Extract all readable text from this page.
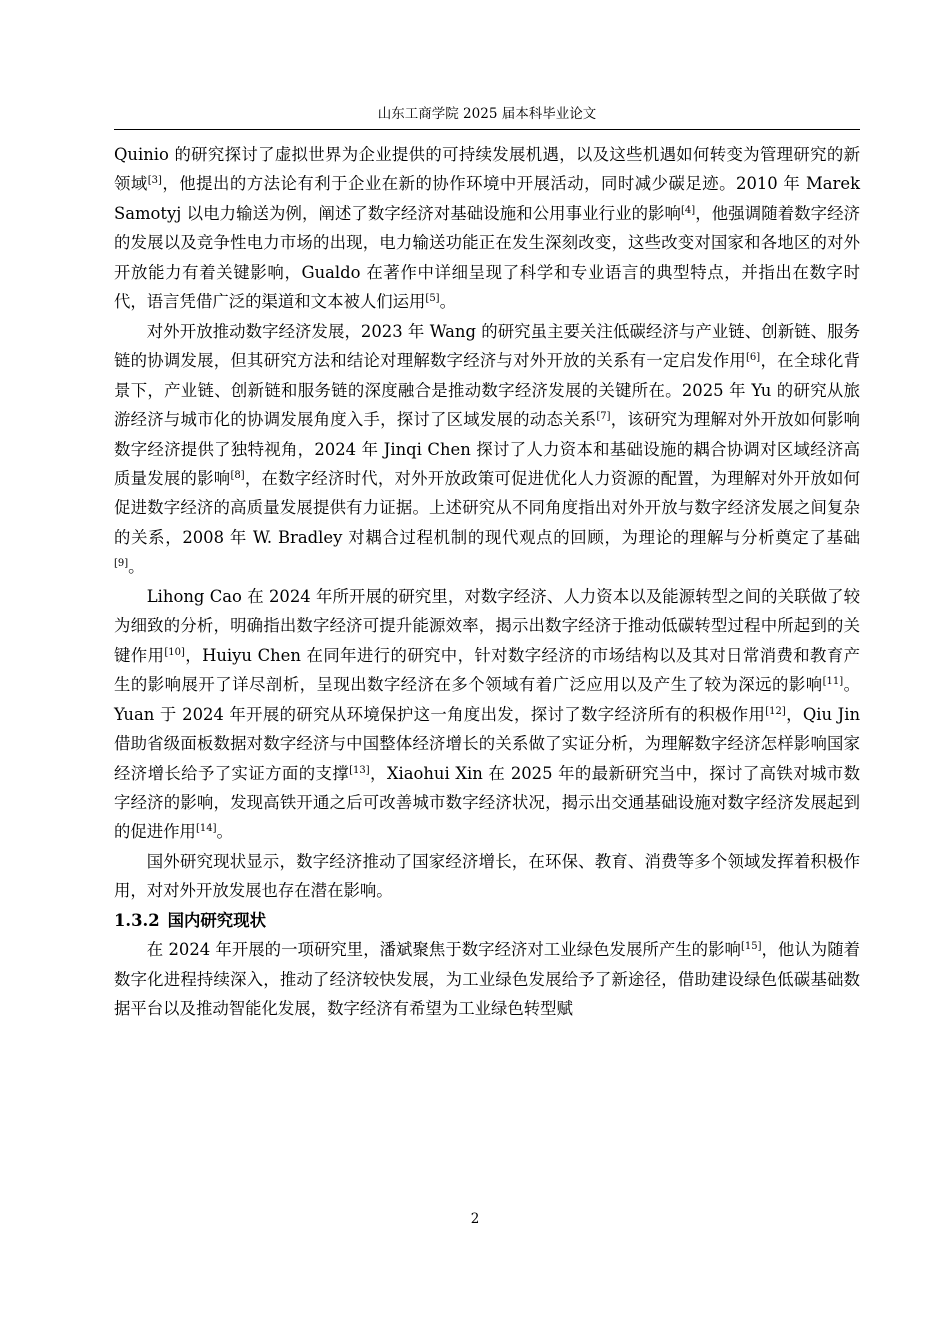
山东工商学院 2025 届本科毕业论文

Quinio 的研究探讨了虚拟世界为企业提供的可持续发展机遇，以及这些机遇如何转变为管理研究的新领域[3]，他提出的方法论有利于企业在新的协作环境中开展活动，同时减少碳足迹。2010 年 Marek Samotyj 以电力输送为例，阐述了数字经济对基础设施和公用事业行业的影响[4]，他强调随着数字经济的发展以及竞争性电力市场的出现，电力输送功能正在发生深刻改变，这些改变对国家和各地区的对外开放能力有着关键影响，Gualdo 在著作中详细呈现了科学和专业语言的典型特点，并指出在数字时代，语言凭借广泛的渠道和文本被人们运用[5]。

对外开放推动数字经济发展，2023 年 Wang 的研究虽主要关注低碳经济与产业链、创新链、服务链的协调发展，但其研究方法和结论对理解数字经济与对外开放的关系有一定启发作用[6]，在全球化背景下，产业链、创新链和服务链的深度融合是推动数字经济发展的关键所在。2025 年 Yu 的研究从旅游经济与城市化的协调发展角度入手，探讨了区域发展的动态关系[7]，该研究为理解对外开放如何影响数字经济提供了独特视角，2024 年 Jinqi Chen 探讨了人力资本和基础设施的耦合协调对区域经济高质量发展的影响[8]，在数字经济时代，对外开放政策可促进优化人力资源的配置，为理解对外开放如何促进数字经济的高质量发展提供有力证据。上述研究从不同角度指出对外开放与数字经济发展之间复杂的关系，2008 年 W. Bradley 对耦合过程机制的现代观点的回顾，为理论的理解与分析奠定了基础[9]。

Lihong Cao 在 2024 年所开展的研究里，对数字经济、人力资本以及能源转型之间的关联做了较为细致的分析，明确指出数字经济可提升能源效率，揭示出数字经济于推动低碳转型过程中所起到的关键作用[10]，Huiyu Chen 在同年进行的研究中，针对数字经济的市场结构以及其对日常消费和教育产生的影响展开了详尽剖析，呈现出数字经济在多个领域有着广泛应用以及产生了较为深远的影响[11]。Yuan 于 2024 年开展的研究从环境保护这一角度出发，探讨了数字经济所有的积极作用[12]，Qiu Jin 借助省级面板数据对数字经济与中国整体经济增长的关系做了实证分析，为理解数字经济怎样影响国家经济增长给予了实证方面的支撑[13]，Xiaohui Xin 在 2025 年的最新研究当中，探讨了高铁对城市数字经济的影响，发现高铁开通之后可改善城市数字经济状况，揭示出交通基础设施对数字经济发展起到的促进作用[14]。

国外研究现状显示，数字经济推动了国家经济增长，在环保、教育、消费等多个领域发挥着积极作用，对对外开放发展也存在潜在影响。

1.3.2 国内研究现状

在 2024 年开展的一项研究里，潘斌聚焦于数字经济对工业绿色发展所产生的影响[15]，他认为随着数字化进程持续深入，推动了经济较快发展，为工业绿色发展给予了新途径，借助建设绿色低碳基础数据平台以及推动智能化发展，数字经济有希望为工业绿色转型赋

2
